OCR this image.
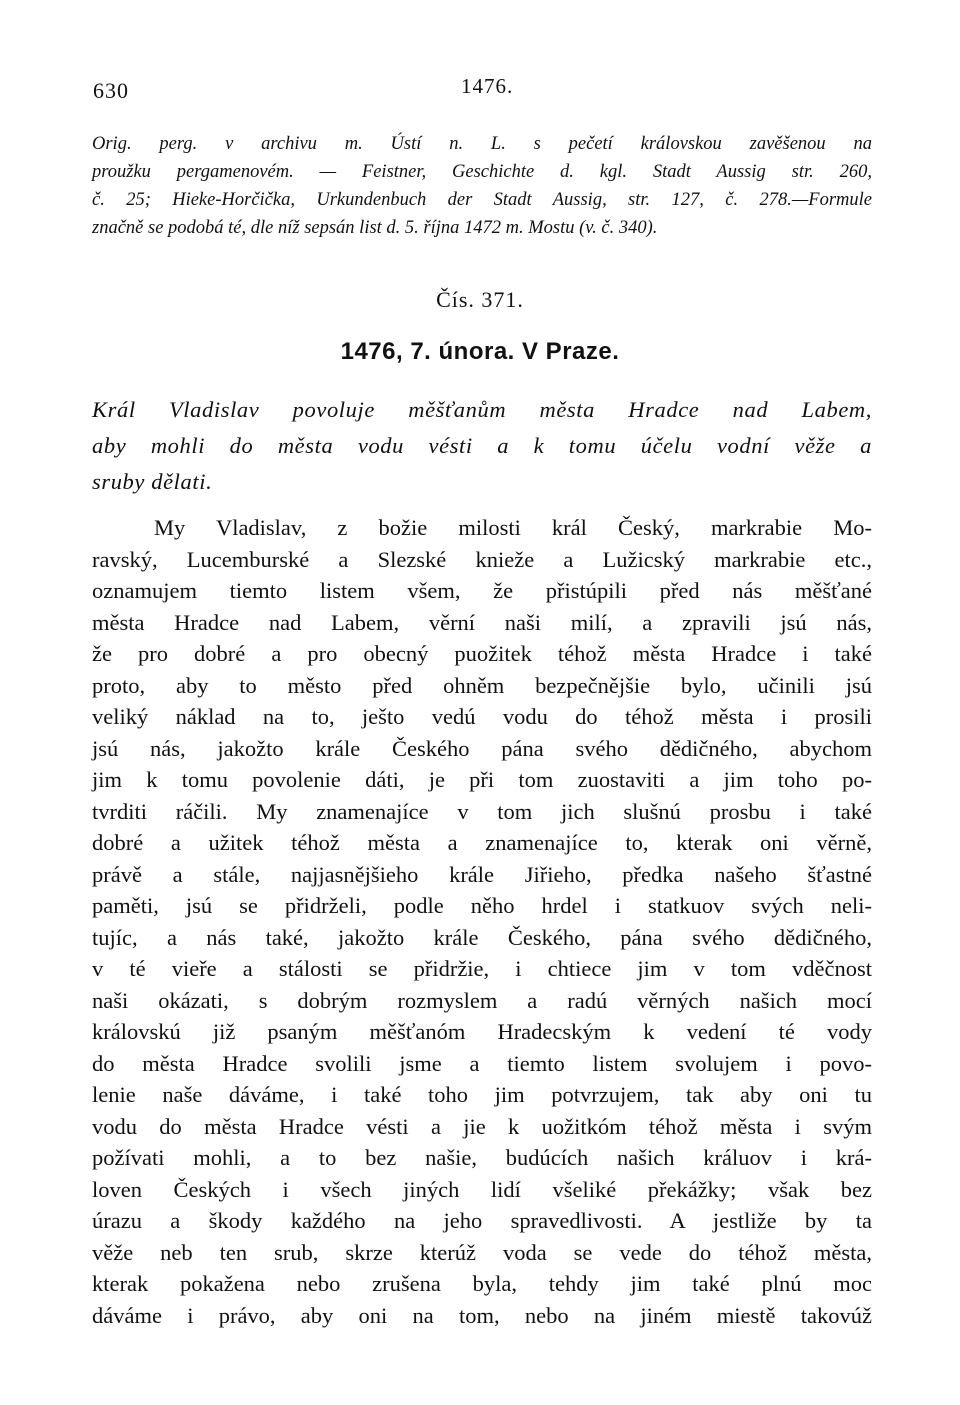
630	1476.
Orig. perg. v archivu m. Ústí n. L. s pečetí královskou zavěšenou na
proužku pergamenovém. — Feistner, Geschichte d. kgl. Stadt Aussig str. 260,
č. 25; Hieke-Horčička, Urkundenbuch der Stadt Aussig, str. 127, č. 278.—Formule
značně se podobá té, dle níž sepsán list d. 5. října 1472 m. Mostu (v. č. 340).
Čís. 371.
1476, 7. února. V Praze.
Král Vladislav povoluje měšťanům města Hradce nad Labem,
aby mohli do města vodu vésti a k tomu účelu vodní věže a
sruby dělati.
My Vladislav, z božie milosti král Český, markrabie Mo-
ravský, Lucemburské a Slezské knieže a Lužicský markrabie etc.,
oznamujem tiemto listem všem, že přistúpili před nás měšťané
města Hradce nad Labem, věrní naši milí, a zpravili jsú nás,
že pro dobré a pro obecný puožitek téhož města Hradce i také
proto, aby to město před ohněm bezpečnějšie bylo, učinili jsú
veliký náklad na to, ješto vedú vodu do téhož města i prosili
jsú nás, jakožto krále Českého pána svého dědičného, abychom
jim k tomu povolenie dáti, je při tom zuostaviti a jim toho po-
tvrditi ráčili. My znamenajíce v tom jich slušnú prosbu i také
dobré a užitek téhož města a znamenajíce to, kterak oni věrně,
právě a stále, najjasnějšieho krále Jiřieho, předka našeho šťastné
paměti, jsú se přidrželi, podle něho hrdel i statkuov svých neli-
tujíc, a nás také, jakožto krále Českého, pána svého dědičného,
v té vieře a stálosti se přidržie, i chtiece jim v tom vděčnost
naši okázati, s dobrým rozmyslem a radú věrných našich mocí
královskú již psaným měšťanóm Hradecským k vedení té vody
do města Hradce svolili jsme a tiemto listem svolujem i povo-
lenie naše dáváme, i také toho jim potvrzujem, tak aby oni tu
vodu do města Hradce vésti a jie k uožitkóm téhož města i svým
požívati mohli, a to bez našie, budúcích našich králuov i krá-
loven Českých i všech jiných lidí všeliké překážky; však bez
úrazu a škody každého na jeho spravedlivosti. A jestliže by ta
věže neb ten srub, skrze kterúž voda se vede do téhož města,
kterak pokažena nebo zrušena byla, tehdy jim také plnú moc
dáváme i právo, aby oni na tom, nebo na jiném miestě takovúž
